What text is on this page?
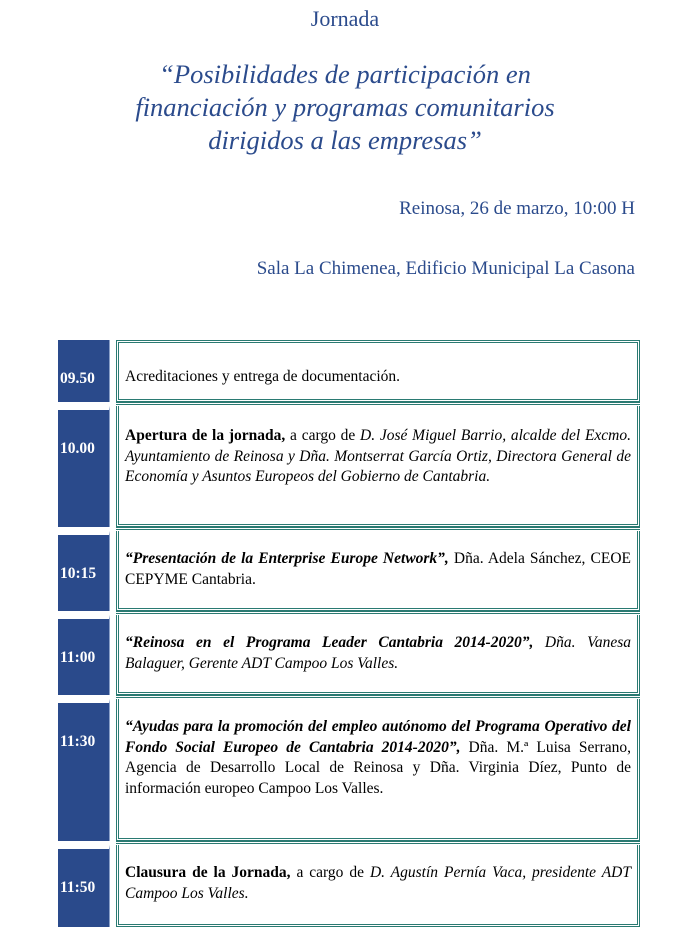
Jornada
“Posibilidades de participación en
financiación y programas comunitarios
dirigidos a las empresas”
Reinosa, 26 de marzo, 10:00 H
Sala La Chimenea, Edificio Municipal La Casona
09.50	Acreditaciones y entrega de documentación.
10.00
Apertura de la jornada, a cargo de D. José Miguel Barrio, alcalde del Excmo. Ayuntamiento de Reinosa y Dña. Montserrat García Ortiz, Directora General de Economía y Asuntos Europeos del Gobierno de Cantabria.
10:15
“Presentación de la Enterprise Europe Network”, Dña. Adela Sánchez, CEOE CEPYME Cantabria.
11:00
“Reinosa en el Programa Leader Cantabria 2014-2020”, Dña. Vanesa Balaguer, Gerente ADT Campoo Los Valles.
11:30
“Ayudas para la promoción del empleo autónomo del Programa Operativo del Fondo Social Europeo de Cantabria 2014-2020”, Dña. M.ª Luisa Serrano, Agencia de Desarrollo Local de Reinosa y Dña. Virginia Díez, Punto de información europeo Campoo Los Valles.
11:50
Clausura de la Jornada, a cargo de D. Agustín Pernía Vaca, presidente ADT Campoo Los Valles.
